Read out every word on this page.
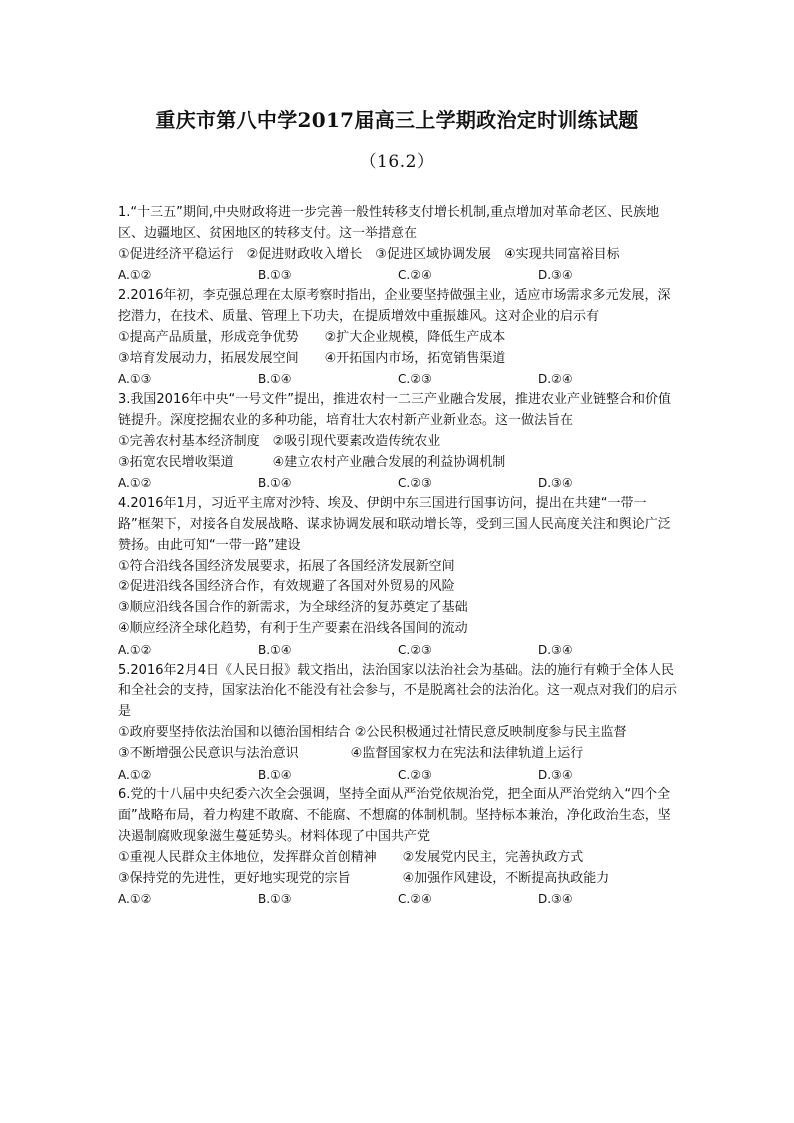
重庆市第八中学2017届高三上学期政治定时训练试题
（16.2）
1.“十三五”期间,中央财政将进一步完善一般性转移支付增长机制,重点增加对革命老区、民族地区、边疆地区、贫困地区的转移支付。这一举措意在
①促进经济平稳运行　②促进财政收入增长　③促进区域协调发展　④实现共同富裕目标
A.①②	B.①③	C.②④	D.③④
2.2016年初，李克强总理在太原考察时指出，企业要坚持做强主业，适应市场需求多元发展，深挖潜力，在技术、质量、管理上下功夫，在提质增效中重振雄风。这对企业的启示有
①提高产品质量，形成竞争优势　　②扩大企业规模，降低生产成本
③培育发展动力，拓展发展空间　　④开拓国内市场，拓宽销售渠道
A.①③	B.①④	C.②③	D.②④
3.我国2016年中央“一号文件”提出，推进农村一二三产业融合发展，推进农业产业链整合和价值链提升。深度挖掘农业的多种功能，培育壮大农村新产业新业态。这一做法旨在
①完善农村基本经济制度　②吸引现代要素改造传统农业
③拓宽农民增收渠道　　　④建立农村产业融合发展的利益协调机制
A.①②	B.①④	C.②③	D.③④
4.2016年1月，习近平主席对沙特、埃及、伊朗中东三国进行国事访问，提出在共建“一带一路”框架下，对接各自发展战略、谋求协调发展和联动增长等，受到三国人民高度关注和舆论广泛赞扬。由此可知“一带一路”建设
①符合沿线各国经济发展要求，拓展了各国经济发展新空间
②促进沿线各国经济合作，有效规避了各国对外贸易的风险
③顺应沿线各国合作的新需求，为全球经济的复苏奠定了基础
④顺应经济全球化趋势，有利于生产要素在沿线各国间的流动
A.①②	B.①④	C.②③	D.③④
5.2016年2月4日《人民日报》载文指出，法治国家以法治社会为基础。法的施行有赖于全体人民和全社会的支持，国家法治化不能没有社会参与，不是脱离社会的法治化。这一观点对我们的启示是
①政府要坚持依法治国和以德治国相结合 ②公民积极通过社情民意反映制度参与民主监督
③不断增强公民意识与法治意识　　　　④监督国家权力在宪法和法律轨道上运行
A.①②	B.①④	C.②③	D.③④
6.党的十八届中央纪委六次全会强调，坚持全面从严治党依规治党，把全面从严治党纳入“四个全面”战略布局，着力构建不敢腐、不能腐、不想腐的体制机制。坚持标本兼治，净化政治生态，坚决遏制腐败现象滋生蔓延势头。材料体现了中国共产党
①重视人民群众主体地位，发挥群众首创精神　　②发展党内民主，完善执政方式
③保持党的先进性，更好地实现党的宗旨　　　　④加强作风建设，不断提高执政能力
A.①②	B.①③	C.②④	D.③④
